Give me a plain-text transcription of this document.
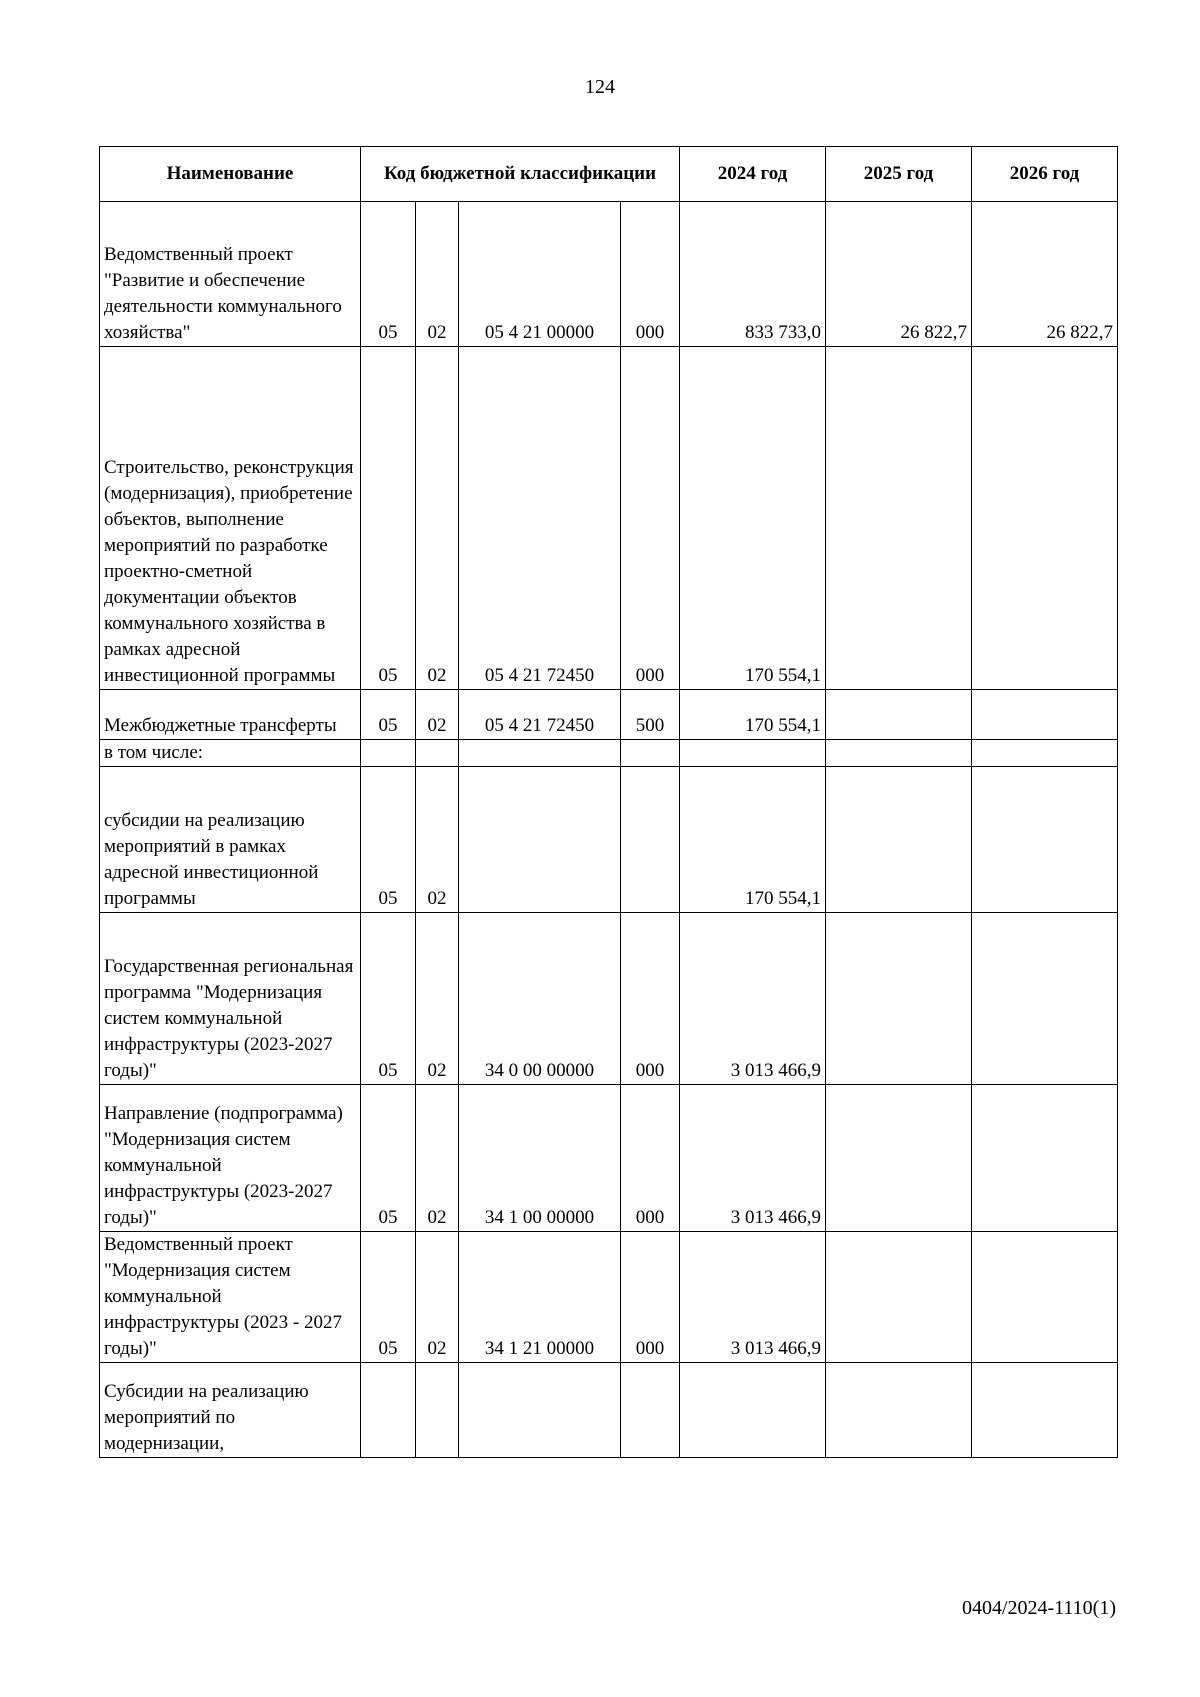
124
Наименование	Код бюджетной классификации				2024 год	2025 год	2026 год
Ведомственный проект "Развитие и обеспечение деятельности коммунального хозяйства"	05	02	05 4 21 00000	000	833 733,0	26 822,7	26 822,7
Строительство, реконструкция (модернизация), приобретение объектов, выполнение мероприятий по разработке проектно-сметной документации объектов коммунального хозяйства в рамках адресной инвестиционной программы	05	02	05 4 21 72450	000	170 554,1		
Межбюджетные трансферты	05	02	05 4 21 72450	500	170 554,1		
в том числе:							
субсидии на реализацию мероприятий в рамках адресной инвестиционной программы	05	02			170 554,1		
Государственная региональная программа "Модернизация систем коммунальной инфраструктуры (2023-2027 годы)"	05	02	34 0 00 00000	000	3 013 466,9		
Направление (подпрограмма) "Модернизация систем коммунальной инфраструктуры (2023-2027 годы)"	05	02	34 1 00 00000	000	3 013 466,9		
Ведомственный проект "Модернизация систем коммунальной инфраструктуры (2023 - 2027 годы)"	05	02	34 1 21 00000	000	3 013 466,9		
Субсидии на реализацию мероприятий по модернизации,							
0404/2024-1110(1)
